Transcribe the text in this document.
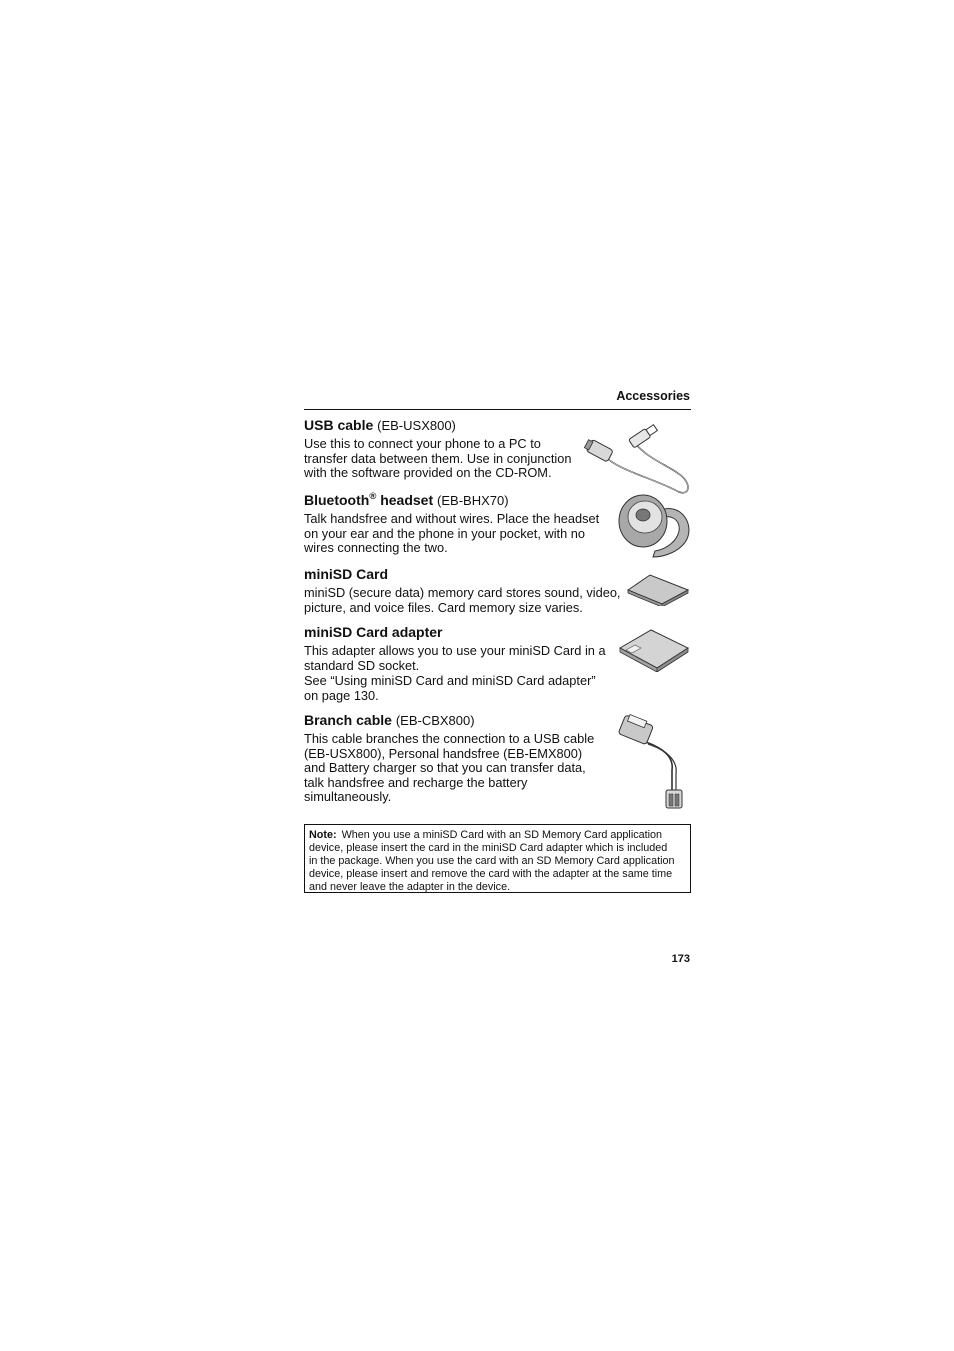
Accessories
USB cable (EB-USX800)

Use this to connect your phone to a PC to

transfer data between them. Use in conjunction

with the software provided on the CD-ROM.

Bluetooth® headset (EB-BHX70)

Talk handsfree and without wires. Place the headset

on your ear and the phone in your pocket, with no

wires connecting the two.

miniSD Card

miniSD (secure data) memory card stores sound, video,

picture, and voice files. Card memory size varies.

miniSD Card adapter

This adapter allows you to use your miniSD Card in a

standard SD socket.

See “Using miniSD Card and miniSD Card adapter”

on page 130.

Branch cable (EB-CBX800)

This cable branches the connection to a USB cable

(EB-USX800), Personal handsfree (EB-EMX800)

and Battery charger so that you can transfer data,

talk handsfree and recharge the battery

simultaneously.

Note: When you use a miniSD Card with an SD Memory Card application
device, please insert the card in the miniSD Card adapter which is included
in the package. When you use the card with an SD Memory Card application
device, please insert and remove the card with the adapter at the same time
and never leave the adapter in the device.
173
